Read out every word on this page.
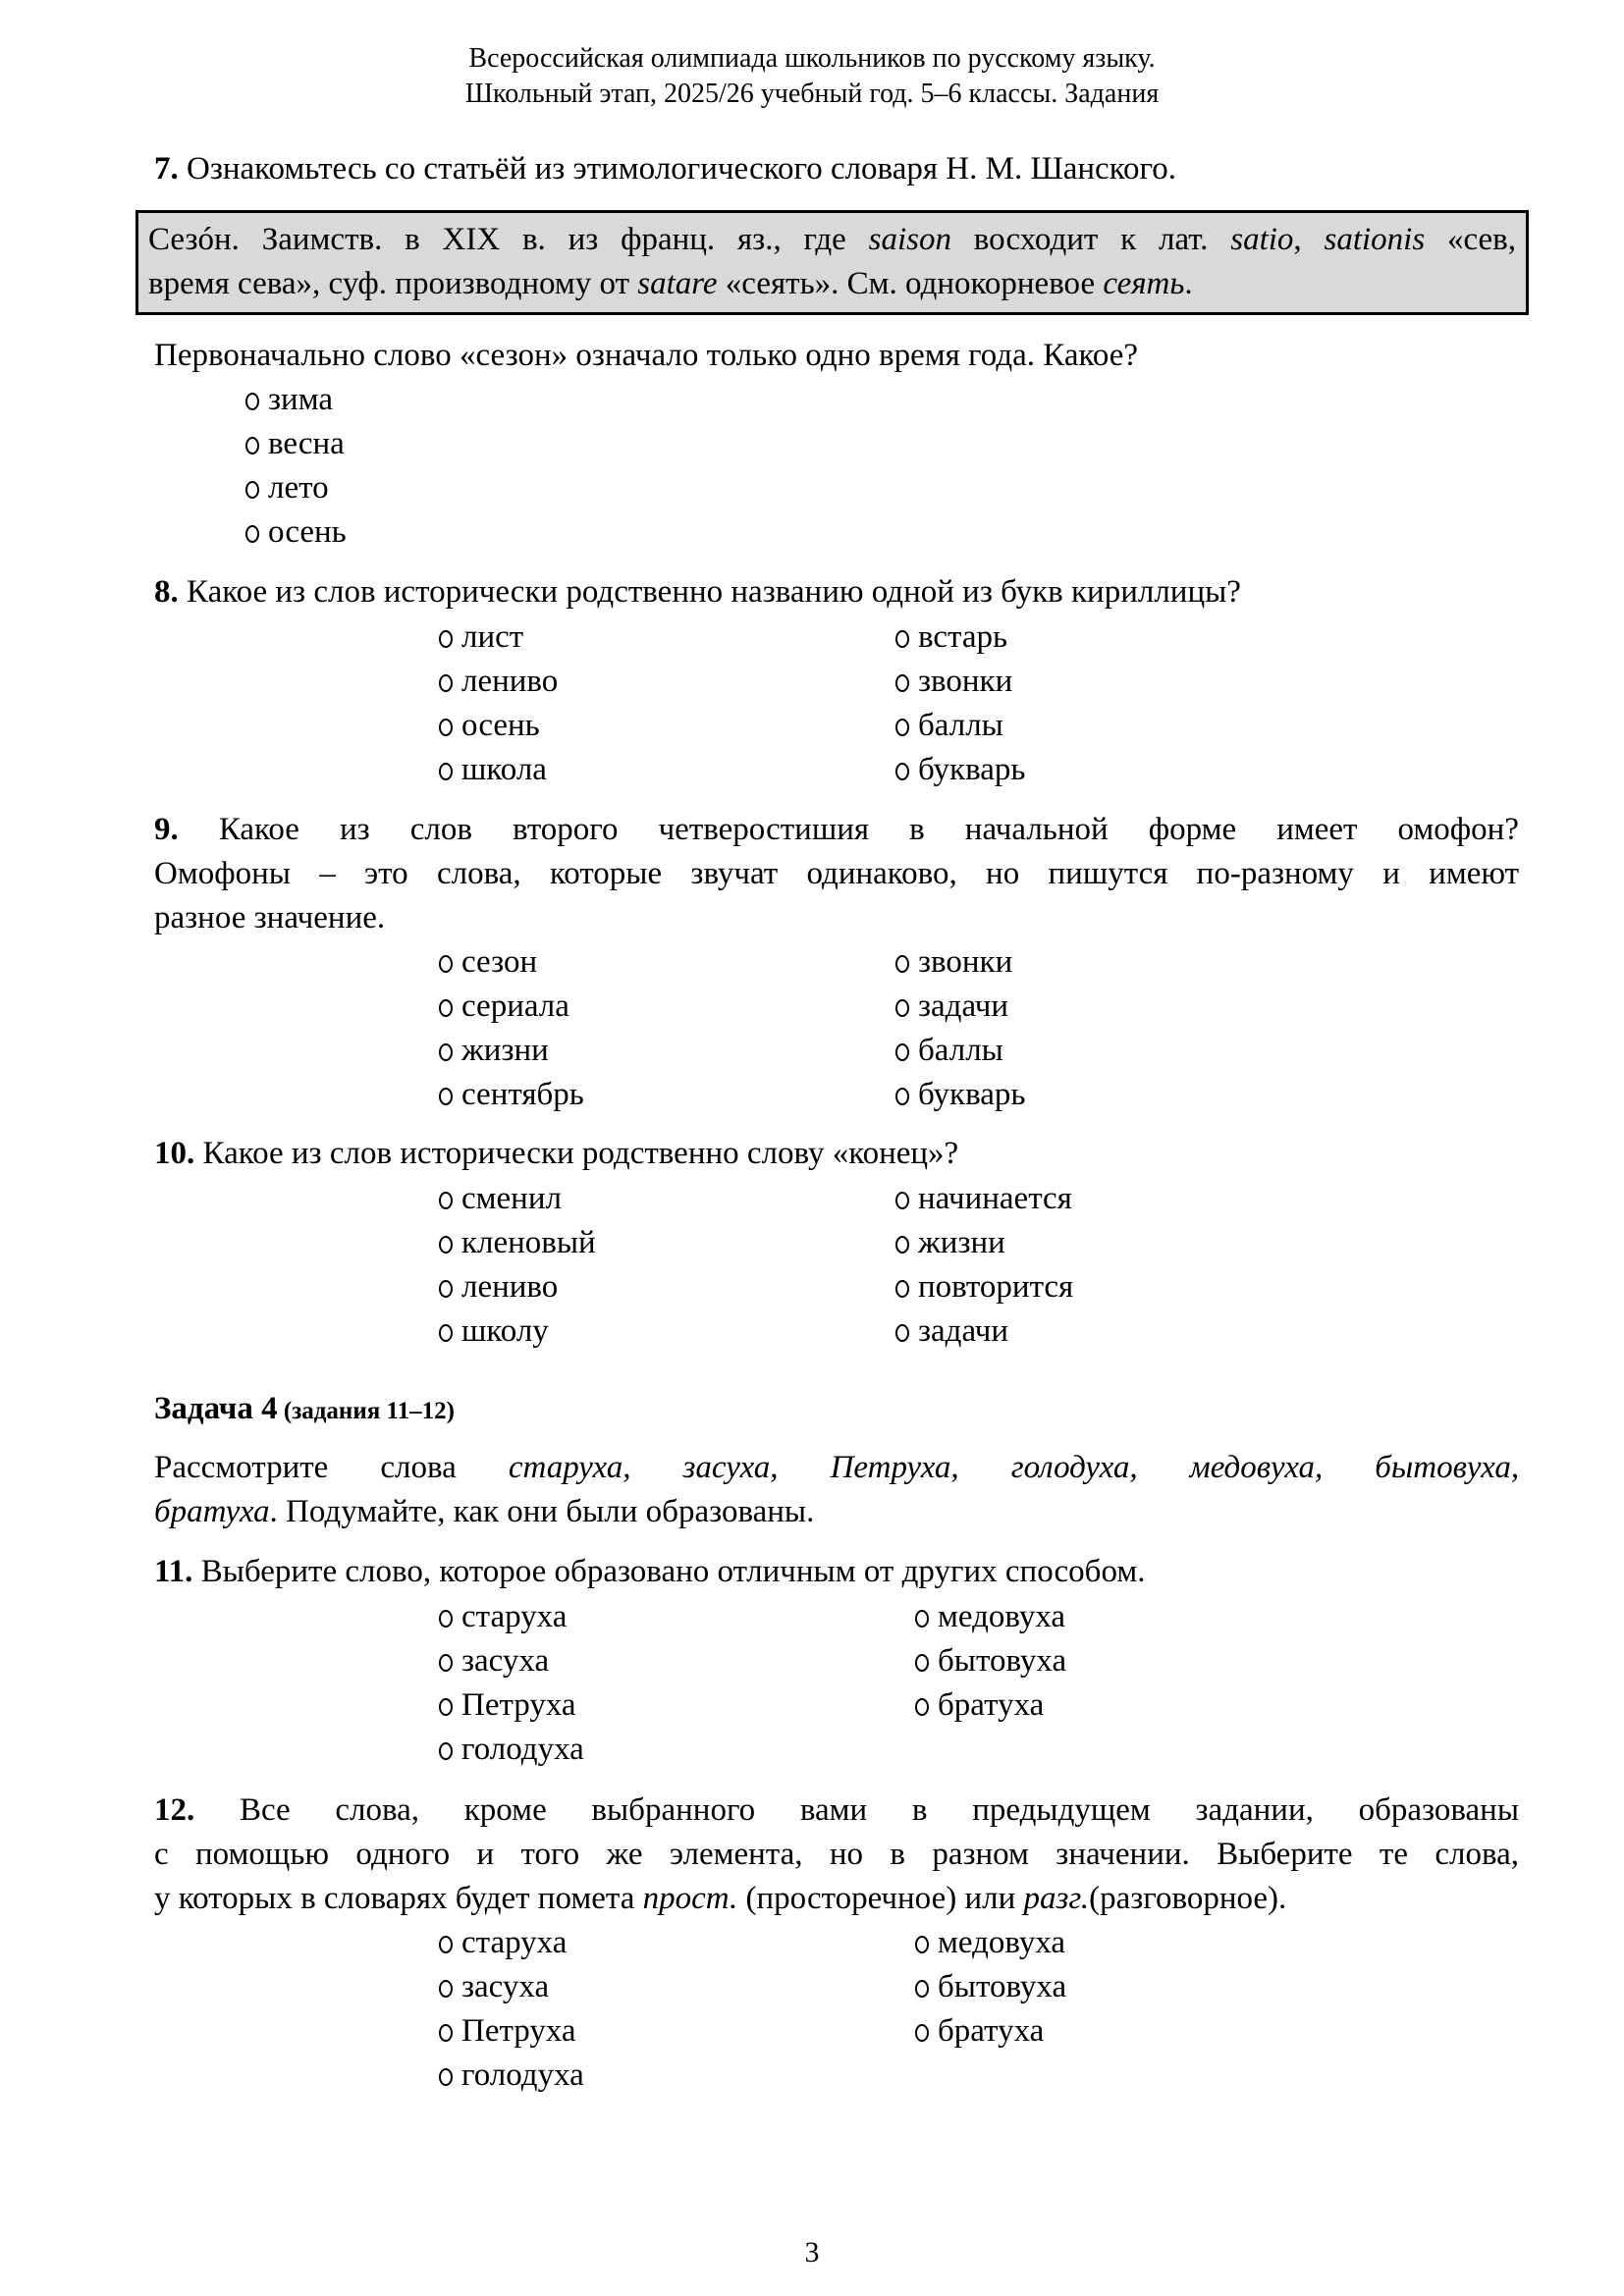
Всероссийская олимпиада школьников по русскому языку.
Школьный этап, 2025/26 учебный год. 5–6 классы. Задания
7. Ознакомьтесь со статьёй из этимологического словаря Н. М. Шанского.
Сезóн. Заимств. в XIX в. из франц. яз., где saison восходит к лат. satio, sationis «сев,
время сева», суф. производному от satare «сеять». См. однокорневое сеять.
Первоначально слово «сезон» означало только одно время года. Какое?
зима
весна
лето
осень
8. Какое из слов исторически родственно названию одной из букв кириллицы?
лист
лениво
осень
школа
встарь
звонки
баллы
букварь
9. Какое из слов второго четверостишия в начальной форме имеет омофон?
Омофоны – это слова, которые звучат одинаково, но пишутся по-разному и имеют
разное значение.
сезон
сериала
жизни
сентябрь
звонки
задачи
баллы
букварь
10. Какое из слов исторически родственно слову «конец»?
сменил
кленовый
лениво
школу
начинается
жизни
повторится
задачи
Задача 4 (задания 11–12)
Рассмотрите слова старуха, засуха, Петруха, голодуха, медовуха, бытовуха,
братуха. Подумайте, как они были образованы.
11. Выберите слово, которое образовано отличным от других способом.
старуха
засуха
Петруха
голодуха
медовуха
бытовуха
братуха
12. Все слова, кроме выбранного вами в предыдущем задании, образованы
с помощью одного и того же элемента, но в разном значении. Выберите те слова,
у которых в словарях будет помета прост. (просторечное) или разг.(разговорное).
старуха
засуха
Петруха
голодуха
медовуха
бытовуха
братуха
3
